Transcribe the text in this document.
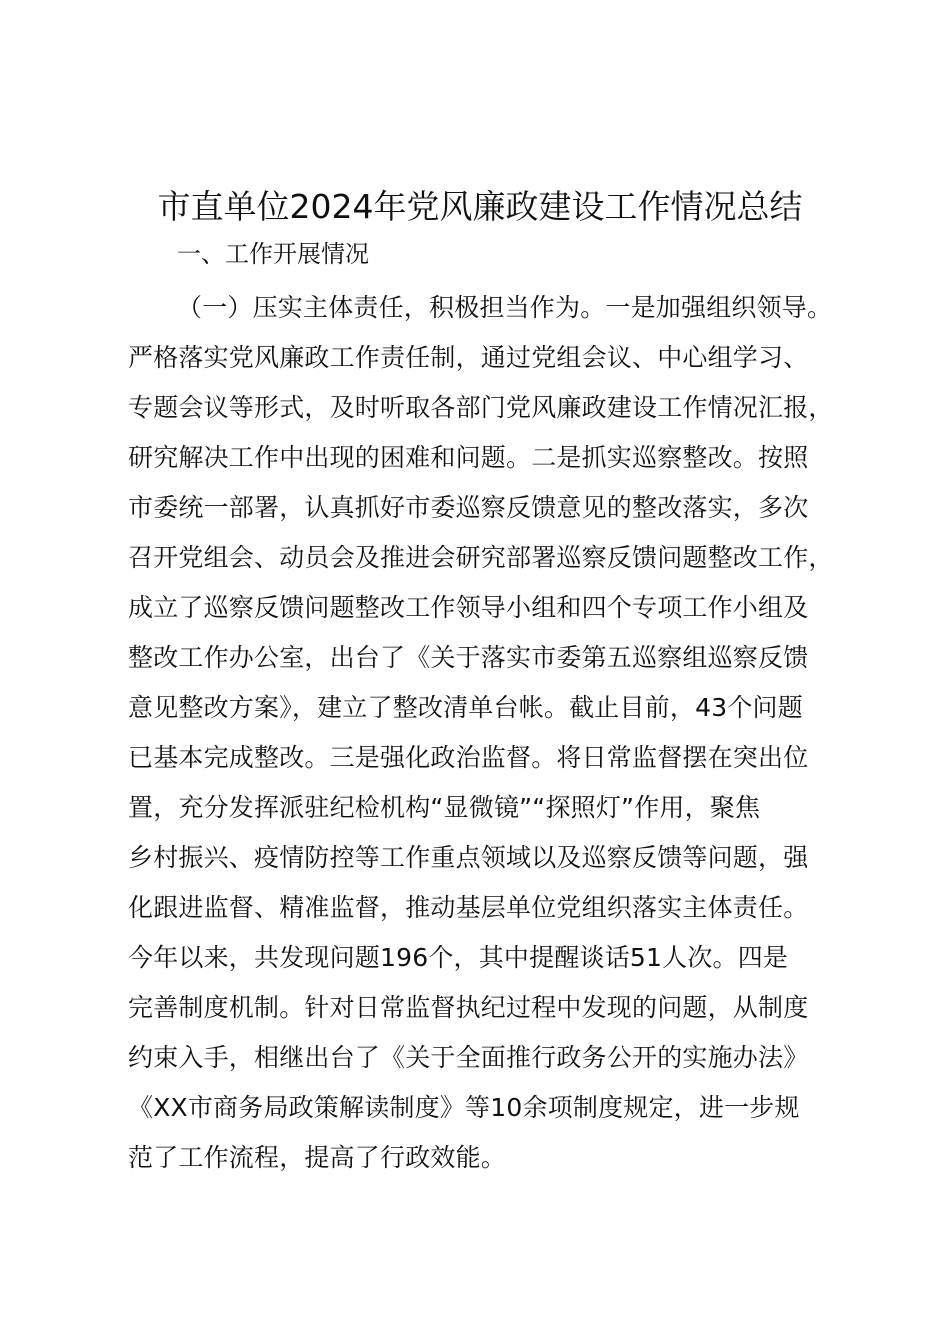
市直单位2024年党风廉政建设工作情况总结
一、工作开展情况
（一）压实主体责任，积极担当作为。一是加强组织领导。
严格落实党风廉政工作责任制，通过党组会议、中心组学习、
专题会议等形式，及时听取各部门党风廉政建设工作情况汇报，
研究解决工作中出现的困难和问题。二是抓实巡察整改。按照
市委统一部署，认真抓好市委巡察反馈意见的整改落实，多次
召开党组会、动员会及推进会研究部署巡察反馈问题整改工作，
成立了巡察反馈问题整改工作领导小组和四个专项工作小组及
整改工作办公室，出台了《关于落实市委第五巡察组巡察反馈
意见整改方案》，建立了整改清单台帐。截止目前，43个问题
已基本完成整改。三是强化政治监督。将日常监督摆在突出位
置，充分发挥派驻纪检机构“显微镜”“探照灯”作用，聚焦
乡村振兴、疫情防控等工作重点领域以及巡察反馈等问题，强
化跟进监督、精准监督，推动基层单位党组织落实主体责任。
今年以来，共发现问题196个，其中提醒谈话51人次。四是
完善制度机制。针对日常监督执纪过程中发现的问题，从制度
约束入手，相继出台了《关于全面推行政务公开的实施办法》
《XX市商务局政策解读制度》等10余项制度规定，进一步规
范了工作流程，提高了行政效能。
